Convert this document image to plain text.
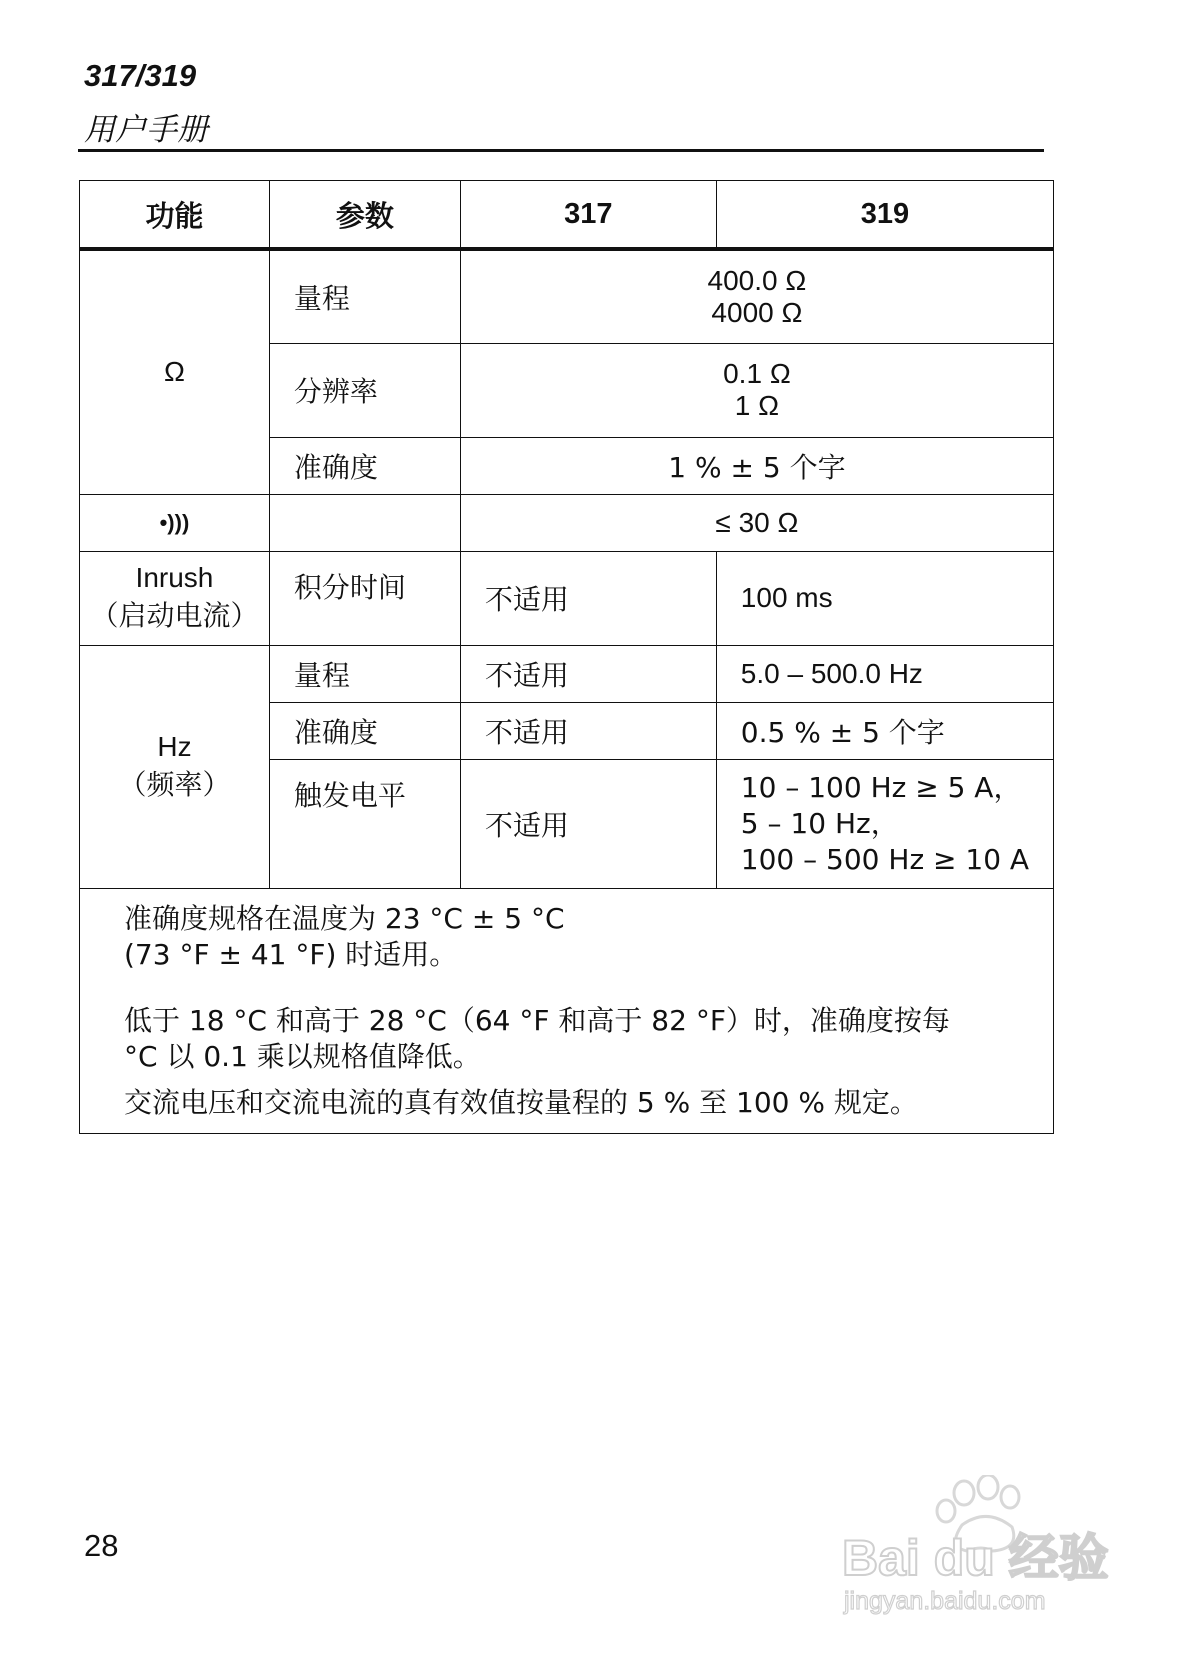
317/319
用户手册
功能	参数	317	319
Ω	量程	400.0 Ω
4000 Ω	

	分辨率	0.1 Ω
1 Ω	

	准确度	1 % ± 5 个字	

•)))		≤ 30 Ω	

Inrush
（启动电流）	积分时间	不适用	100 ms

Hz
（频率）	量程	不适用	5.0 – 500.0 Hz
	准确度	不适用	0.5 % ± 5 个字
	触发电平	不适用	10 – 100 Hz ≥ 5 A，
5 – 10 Hz，
100 – 500 Hz ≥ 10 A

准确度规格在温度为 23 °C ± 5 °C

(73 °F ± 41 °F) 时适用。

低于 18 °C 和高于 28 °C（64 °F 和高于 82 °F）时，准确度按每

°C 以 0.1 乘以规格值降低。

交流电压和交流电流的真有效值按量程的 5 % 至 100 % 规定。			

28	Bai du 经验
jingyan.baidu.com
